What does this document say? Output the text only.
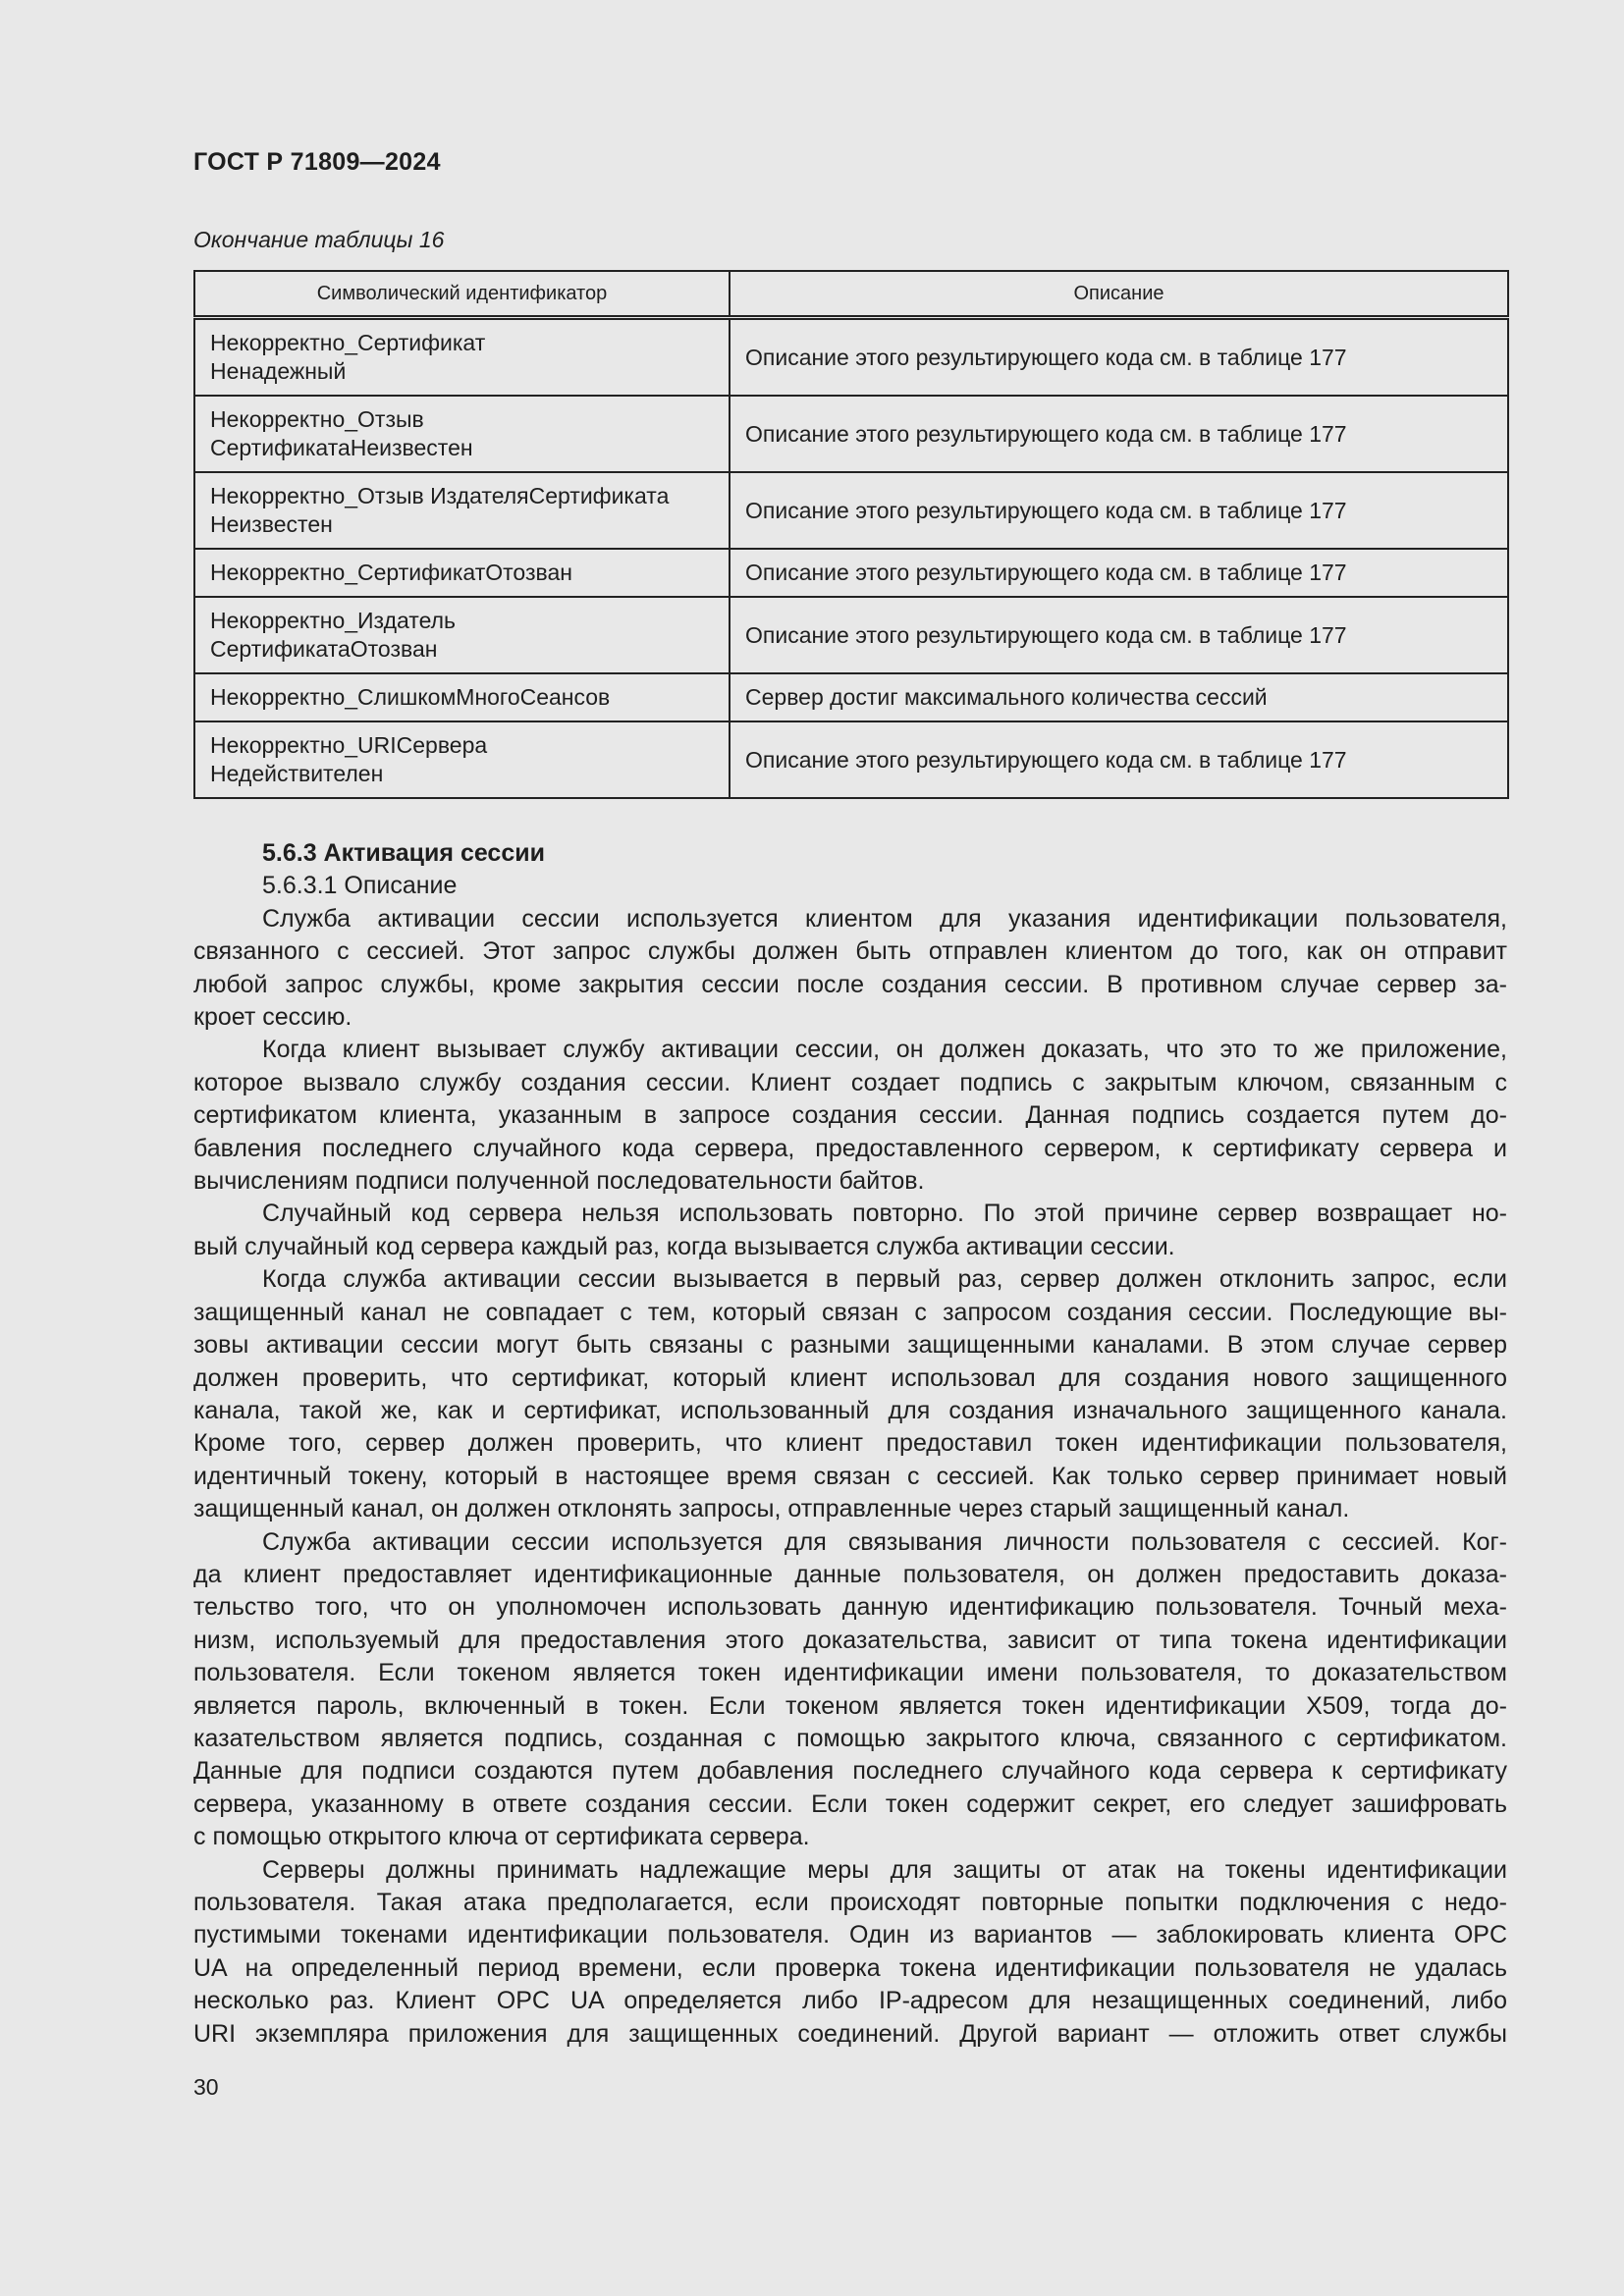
ГОСТ Р 71809—2024
Окончание таблицы 16
Символический идентификатор	Описание
Некорректно_Сертификат
Ненадежный	Описание этого результирующего кода см. в таблице 177
Некорректно_Отзыв
СертификатаНеизвестен	Описание этого результирующего кода см. в таблице 177
Некорректно_Отзыв ИздателяСертификата
Неизвестен	Описание этого результирующего кода см. в таблице 177
Некорректно_СертификатОтозван	Описание этого результирующего кода см. в таблице 177
Некорректно_Издатель
СертификатаОтозван	Описание этого результирующего кода см. в таблице 177
Некорректно_СлишкомМногоСеансов	Сервер достиг максимального количества сессий
Некорректно_URIСервера
Недействителен	Описание этого результирующего кода см. в таблице 177
5.6.3 Активация сессии
5.6.3.1 Описание
Служба активации сессии используется клиентом для указания идентификации пользователя,
связанного с сессией. Этот запрос службы должен быть отправлен клиентом до того, как он отправит
любой запрос службы, кроме закрытия сессии после создания сессии. В противном случае сервер за-
кроет сессию.
Когда клиент вызывает службу активации сессии, он должен доказать, что это то же приложение,
которое вызвало службу создания сессии. Клиент создает подпись с закрытым ключом, связанным с
сертификатом клиента, указанным в запросе создания сессии. Данная подпись создается путем до-
бавления последнего случайного кода сервера, предоставленного сервером, к сертификату сервера и
вычислениям подписи полученной последовательности байтов.
Случайный код сервера нельзя использовать повторно. По этой причине сервер возвращает но-
вый случайный код сервера каждый раз, когда вызывается служба активации сессии.
Когда служба активации сессии вызывается в первый раз, сервер должен отклонить запрос, если
защищенный канал не совпадает с тем, который связан с запросом создания сессии. Последующие вы-
зовы активации сессии могут быть связаны с разными защищенными каналами. В этом случае сервер
должен проверить, что сертификат, который клиент использовал для создания нового защищенного
канала, такой же, как и сертификат, использованный для создания изначального защищенного канала.
Кроме того, сервер должен проверить, что клиент предоставил токен идентификации пользователя,
идентичный токену, который в настоящее время связан с сессией. Как только сервер принимает новый
защищенный канал, он должен отклонять запросы, отправленные через старый защищенный канал.
Служба активации сессии используется для связывания личности пользователя с сессией. Ког-
да клиент предоставляет идентификационные данные пользователя, он должен предоставить доказа-
тельство того, что он уполномочен использовать данную идентификацию пользователя. Точный меха-
низм, используемый для предоставления этого доказательства, зависит от типа токена идентификации
пользователя. Если токеном является токен идентификации имени пользователя, то доказательством
является пароль, включенный в токен. Если токеном является токен идентификации X509, тогда до-
казательством является подпись, созданная с помощью закрытого ключа, связанного с сертификатом.
Данные для подписи создаются путем добавления последнего случайного кода сервера к сертификату
сервера, указанному в ответе создания сессии. Если токен содержит секрет, его следует зашифровать
с помощью открытого ключа от сертификата сервера.
Серверы должны принимать надлежащие меры для защиты от атак на токены идентификации
пользователя. Такая атака предполагается, если происходят повторные попытки подключения с недо-
пустимыми токенами идентификации пользователя. Один из вариантов — заблокировать клиента OPC
UA на определенный период времени, если проверка токена идентификации пользователя не удалась
несколько раз. Клиент OPC UA определяется либо IP-адресом для незащищенных соединений, либо
URI экземпляра приложения для защищенных соединений. Другой вариант — отложить ответ службы
30
